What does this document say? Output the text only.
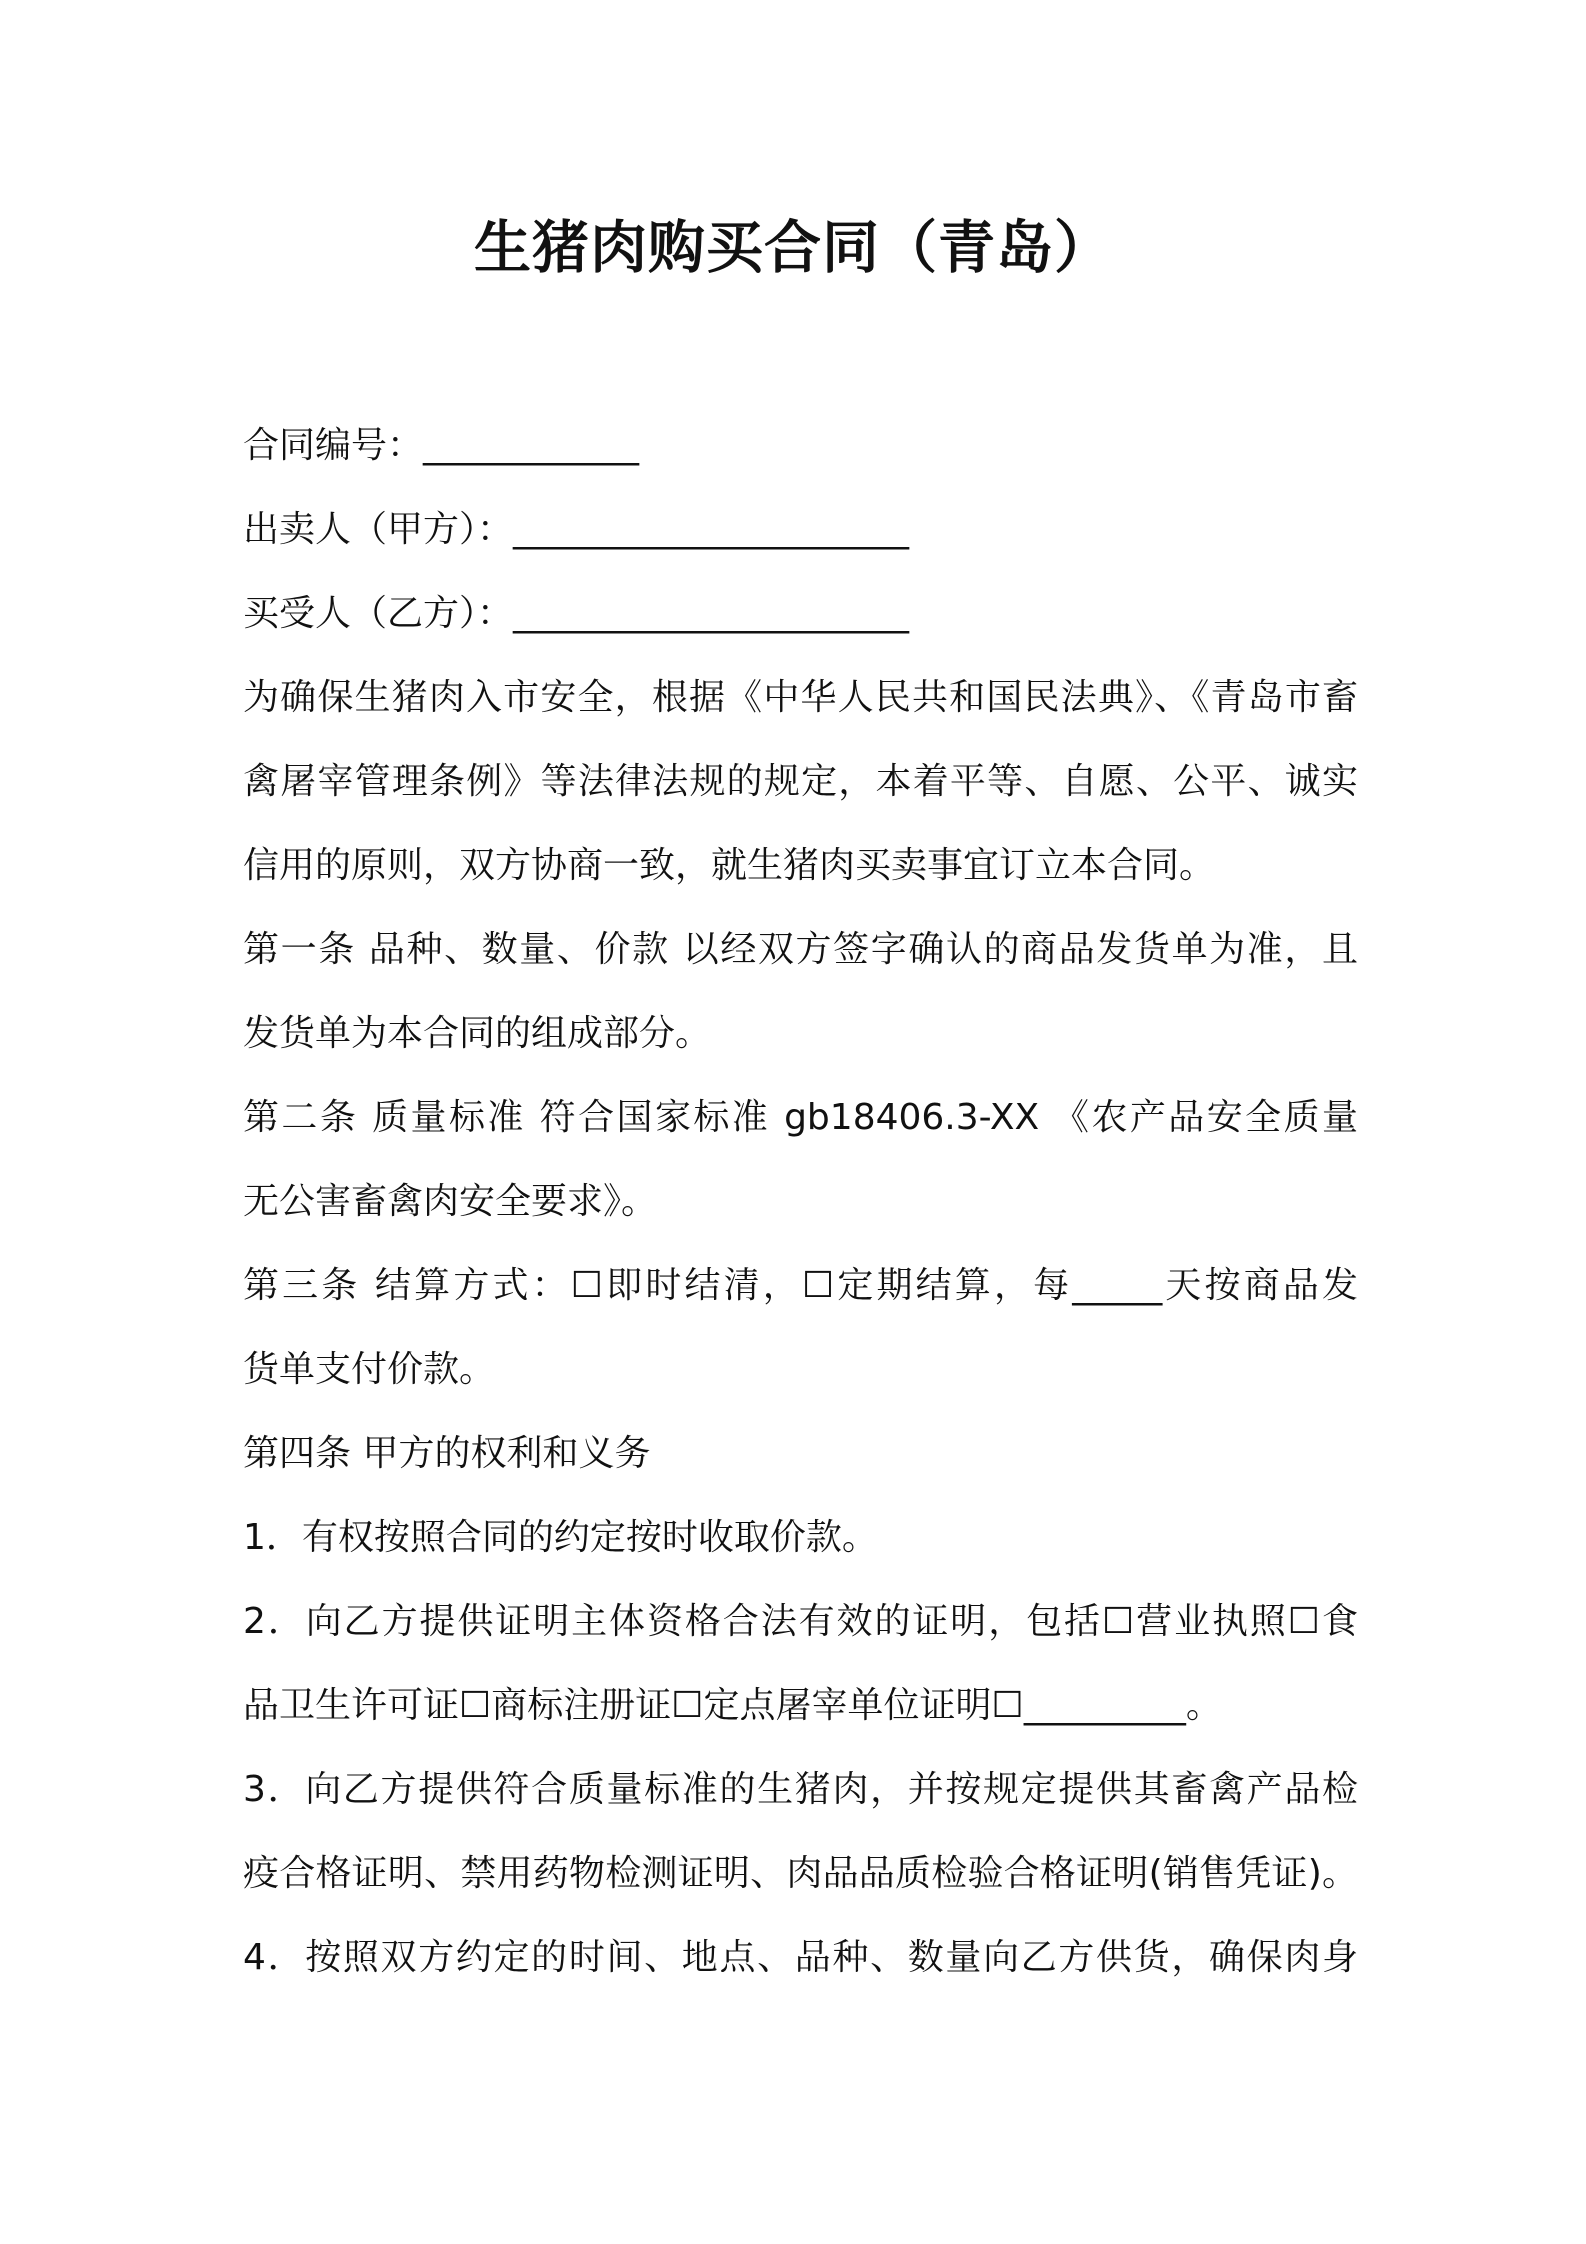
生猪肉购买合同（青岛）
合同编号：____________
出卖人（甲方）：______________________
买受人（乙方）：______________________
为确保生猪肉入市安全，根据《中华人民共和国民法典》、《青岛市畜
禽屠宰管理条例》等法律法规的规定，本着平等、自愿、公平、诚实
信用的原则，双方协商一致，就生猪肉买卖事宜订立本合同。
第一条 品种、数量、价款 以经双方签字确认的商品发货单为准，且
发货单为本合同的组成部分。
第二条 质量标准 符合国家标准 gb18406.3-XX 《农产品安全质量
无公害畜禽肉安全要求》。
第三条 结算方式：☐即时结清，☐定期结算，每_____天按商品发
货单支付价款。
第四条 甲方的权利和义务
1．有权按照合同的约定按时收取价款。
2．向乙方提供证明主体资格合法有效的证明，包括☐营业执照☐食
品卫生许可证☐商标注册证☐定点屠宰单位证明☐_________。
3．向乙方提供符合质量标准的生猪肉，并按规定提供其畜禽产品检
疫合格证明、禁用药物检测证明、肉品品质检验合格证明(销售凭证)。
4．按照双方约定的时间、地点、品种、数量向乙方供货，确保肉身
